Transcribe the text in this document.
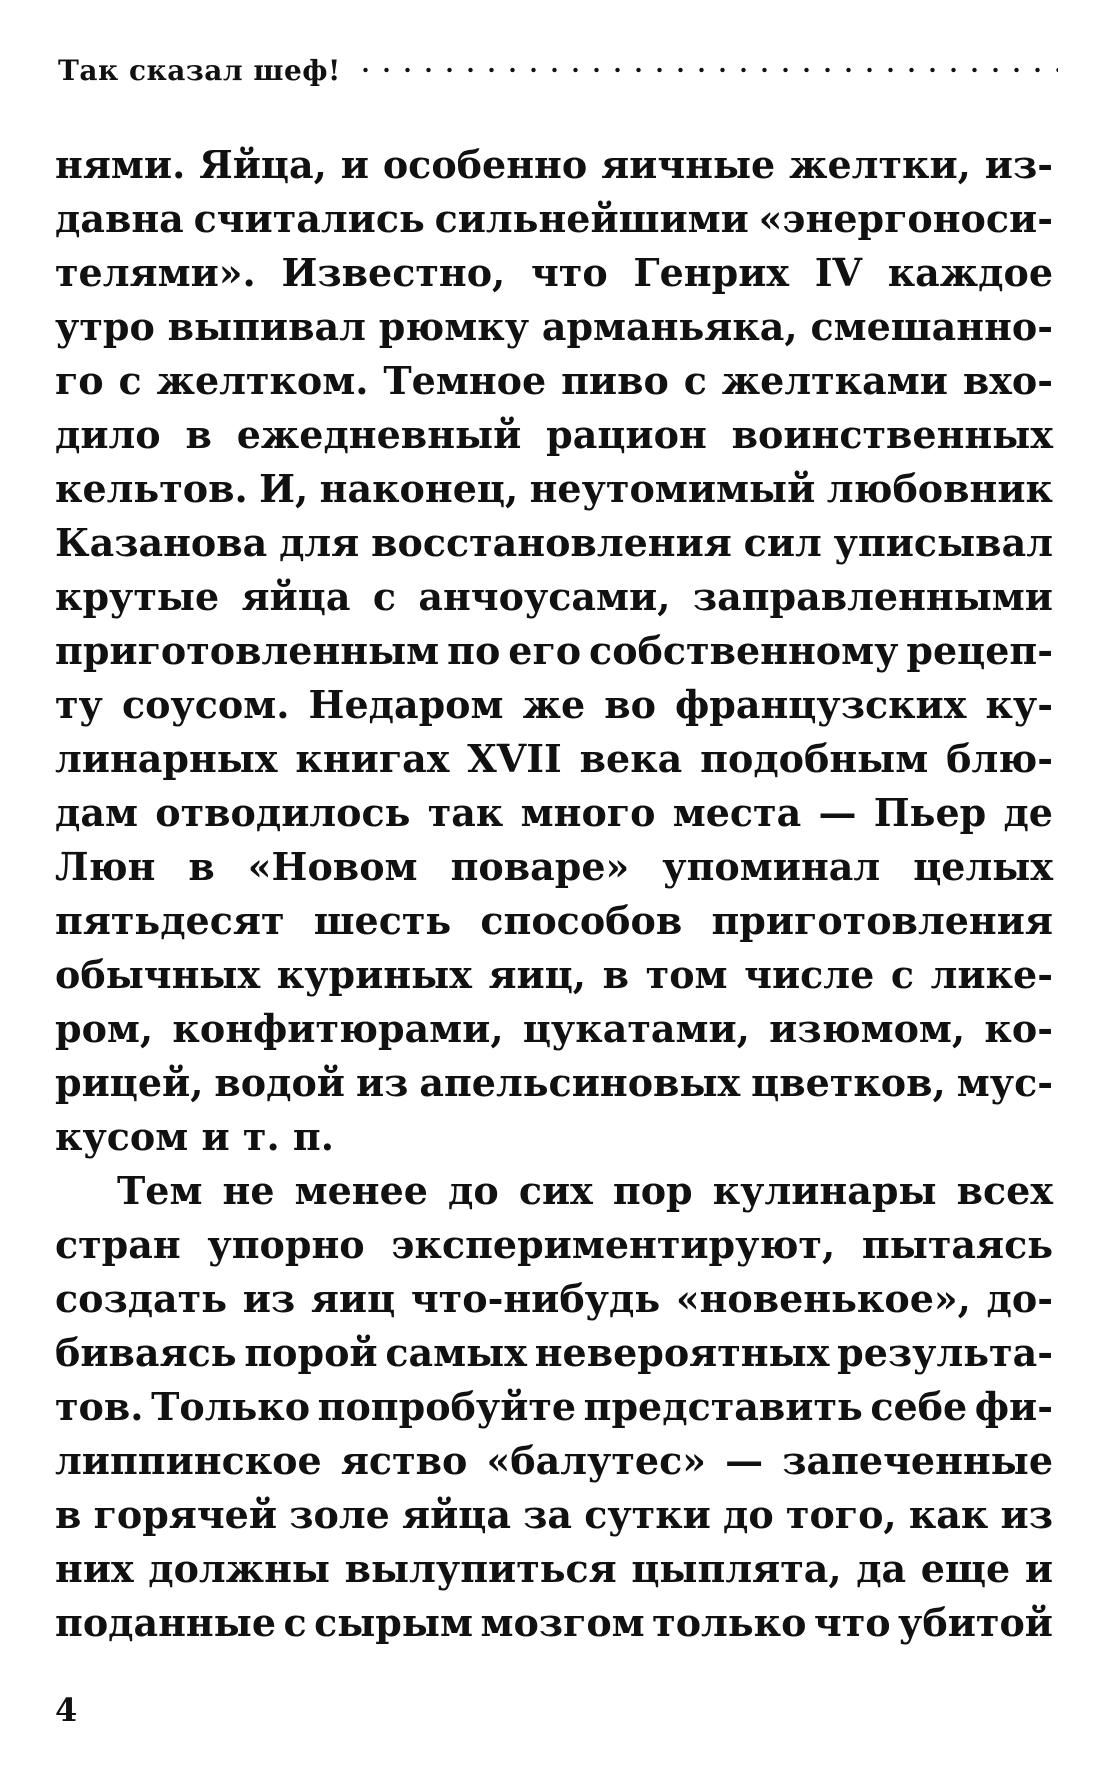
Так сказал шеф!

нями. Яйца, и особенно яичные желтки, из-
давна считались сильнейшими «энергоноси-
телями». Известно, что Генрих IV каждое
утро выпивал рюмку арманьяка, смешанно-
го с желтком. Темное пиво с желтками вхо-
дило в ежедневный рацион воинственных
кельтов. И, наконец, неутомимый любовник
Казанова для восстановления сил уписывал
крутые яйца с анчоусами, заправленными
приготовленным по его собственному рецеп-
ту соусом. Недаром же во французских ку-
линарных книгах XVII века подобным блю-
дам отводилось так много места — Пьер де
Люн в «Новом поваре» упоминал целых
пятьдесят шесть способов приготовления
обычных куриных яиц, в том числе с лике-
ром, конфитюрами, цукатами, изюмом, ко-
рицей, водой из апельсиновых цветков, мус-
кусом и т. п.

Тем не менее до сих пор кулинары всех
стран упорно экспериментируют, пытаясь
создать из яиц что-нибудь «новенькое», до-
биваясь порой самых невероятных результа-
тов. Только попробуйте представить себе фи-
липпинское яство «балутес» — запеченные
в горячей золе яйца за сутки до того, как из
них должны вылупиться цыплята, да еще и
поданные с сырым мозгом только что убитой

4
